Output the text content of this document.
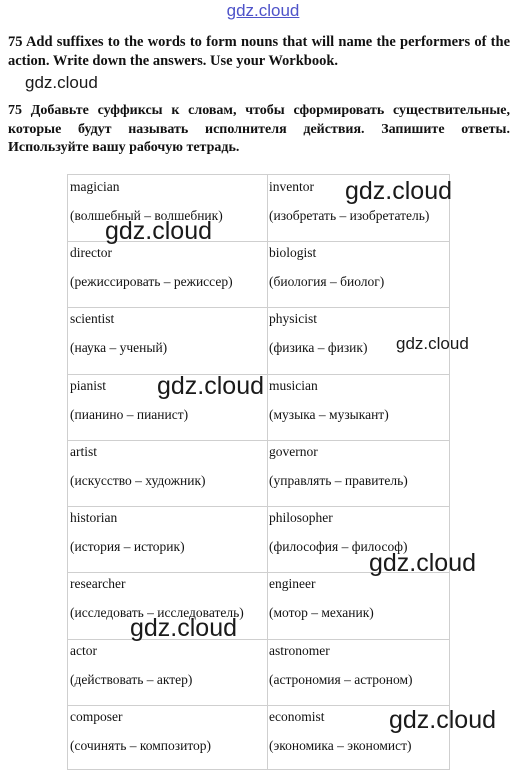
gdz.cloud
75 Add suffixes to the words to form nouns that will name the performers of the action. Write down the answers. Use your Workbook.
gdz.cloud
75 Добавьте суффиксы к словам, чтобы сформировать существительные, которые будут называть исполнителя действия. Запишите ответы. Используйте вашу рабочую тетрадь.
magician
(волшебный – волшебник)
inventor
(изобретать – изобретатель)
director
(режиссировать – режиссер)
biologist
(биология – биолог)
scientist
(наука – ученый)
physicist
(физика – физик)
pianist
(пианино – пианист)
musician
(музыка – музыкант)
artist
(искусство – художник)
governor
(управлять – правитель)
historian
(история – историк)
philosopher
(философия – философ)
researcher
(исследовать – исследователь)
engineer
(мотор – механик)
actor
(действовать – актер)
astronomer
(астрономия – астроном)
composer
(сочинять – композитор)
economist
(экономика – экономист)
gdz.cloud
gdz.cloud
gdz.cloud
gdz.cloud
gdz.cloud
gdz.cloud
gdz.cloud
